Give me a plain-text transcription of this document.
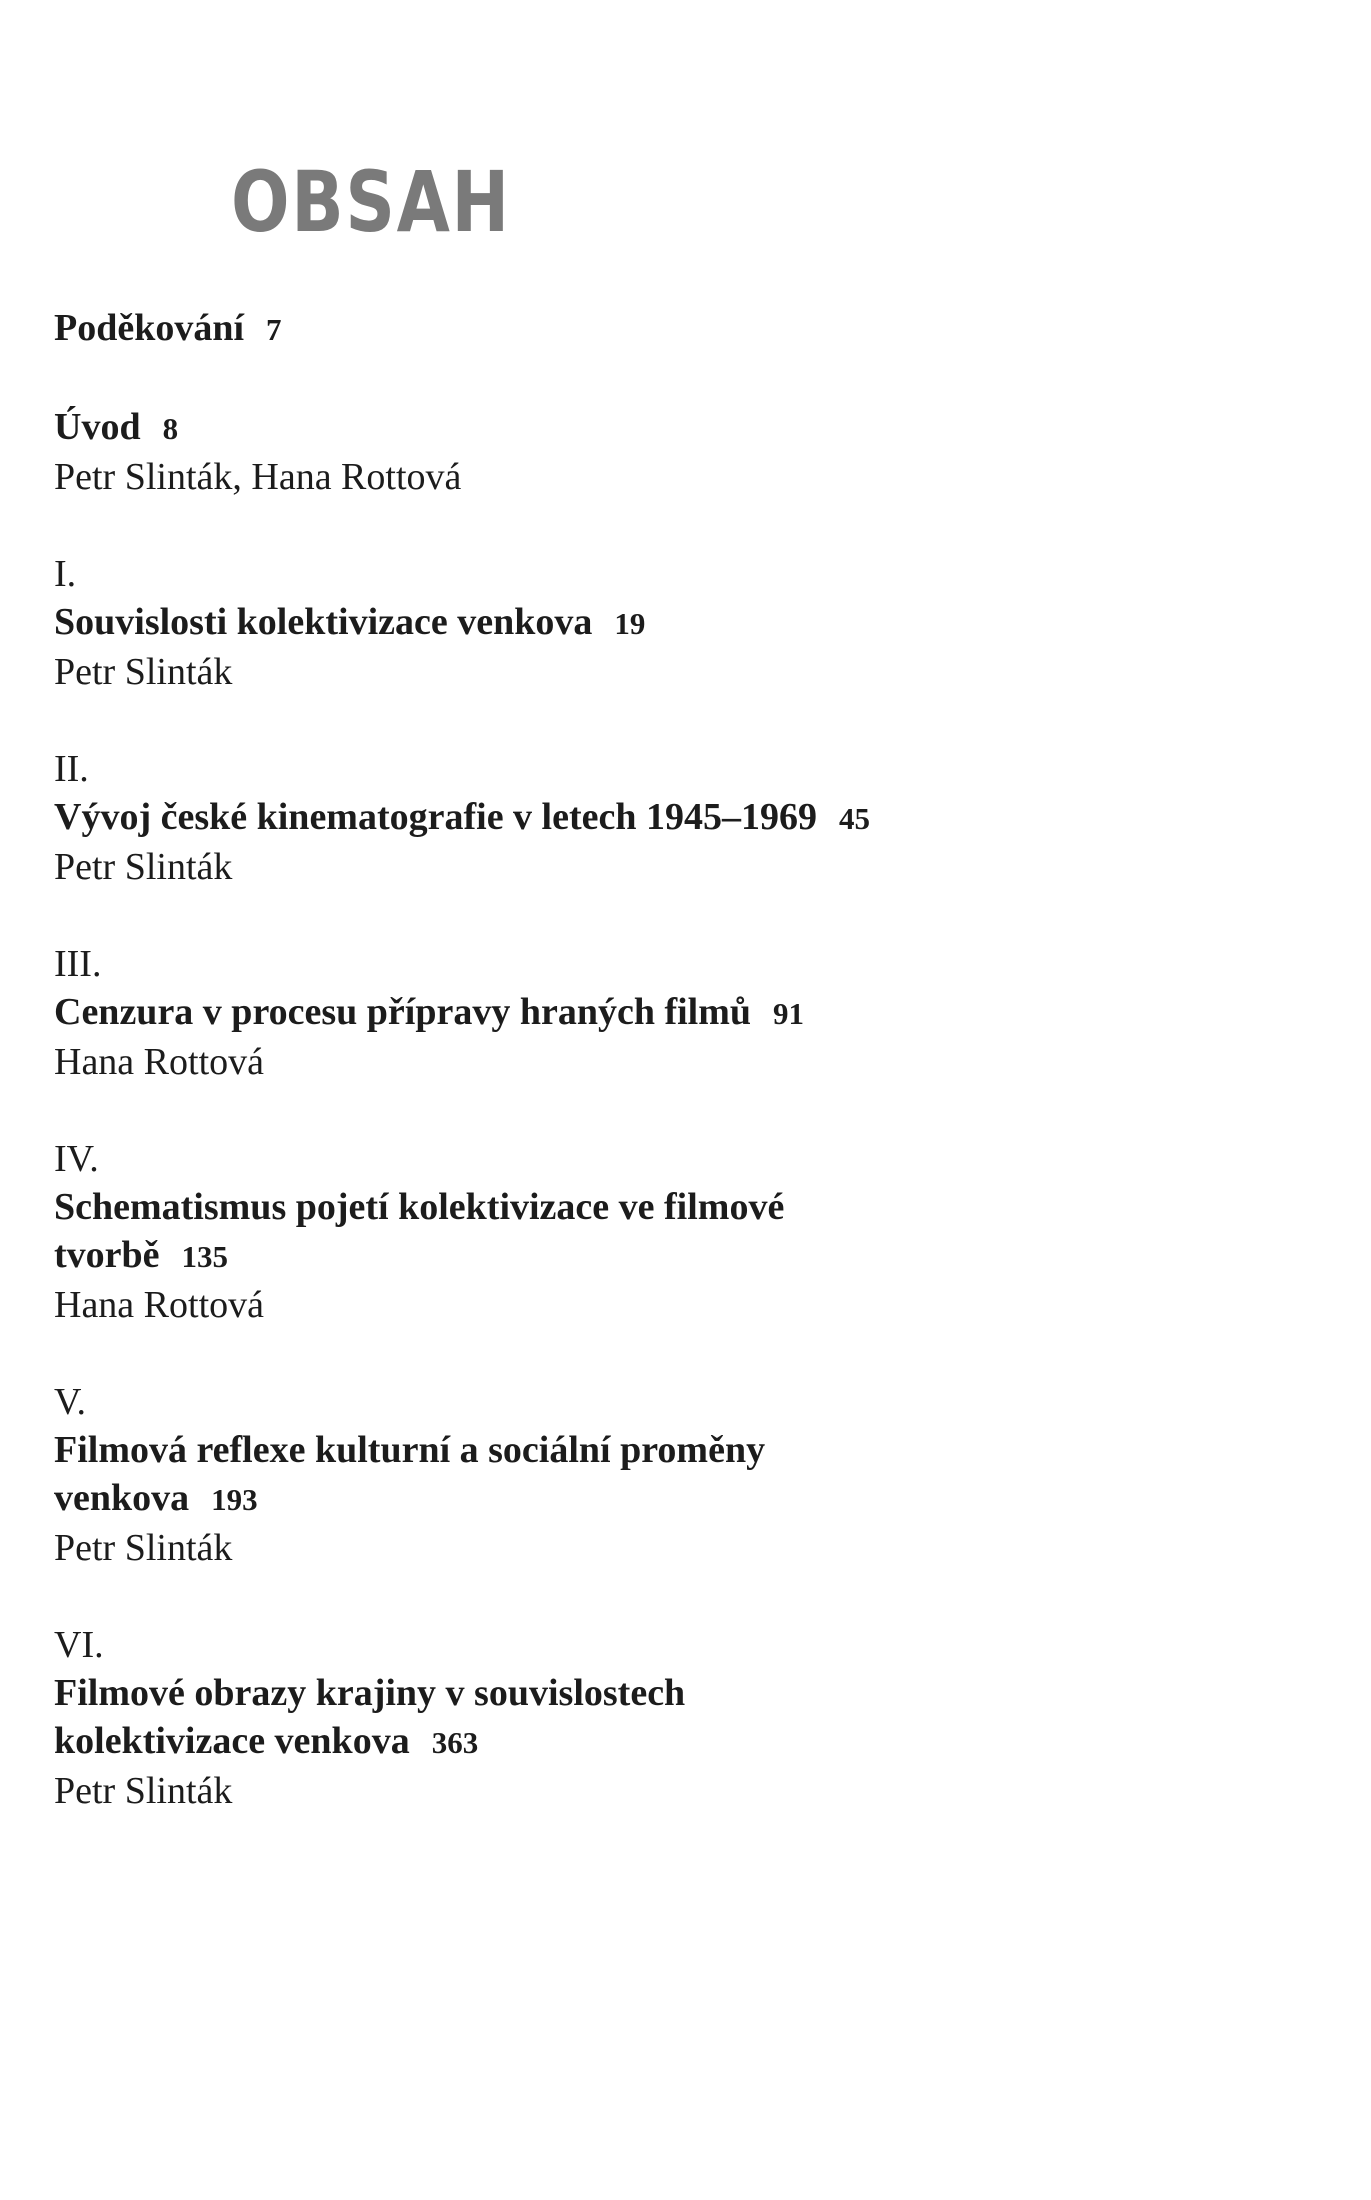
OBSAH
Poděkování 7
Úvod 8
Petr Slinták, Hana Rottová
I.
Souvislosti kolektivizace venkova 19
Petr Slinták
II.
Vývoj české kinematografie v letech 1945–1969 45
Petr Slinták
III.
Cenzura v procesu přípravy hraných filmů 91
Hana Rottová
IV.
Schematismus pojetí kolektivizace ve filmové tvorbě 135
Hana Rottová
V.
Filmová reflexe kulturní a sociální proměny venkova 193
Petr Slinták
VI.
Filmové obrazy krajiny v souvislostech kolektivizace venkova 363
Petr Slinták
